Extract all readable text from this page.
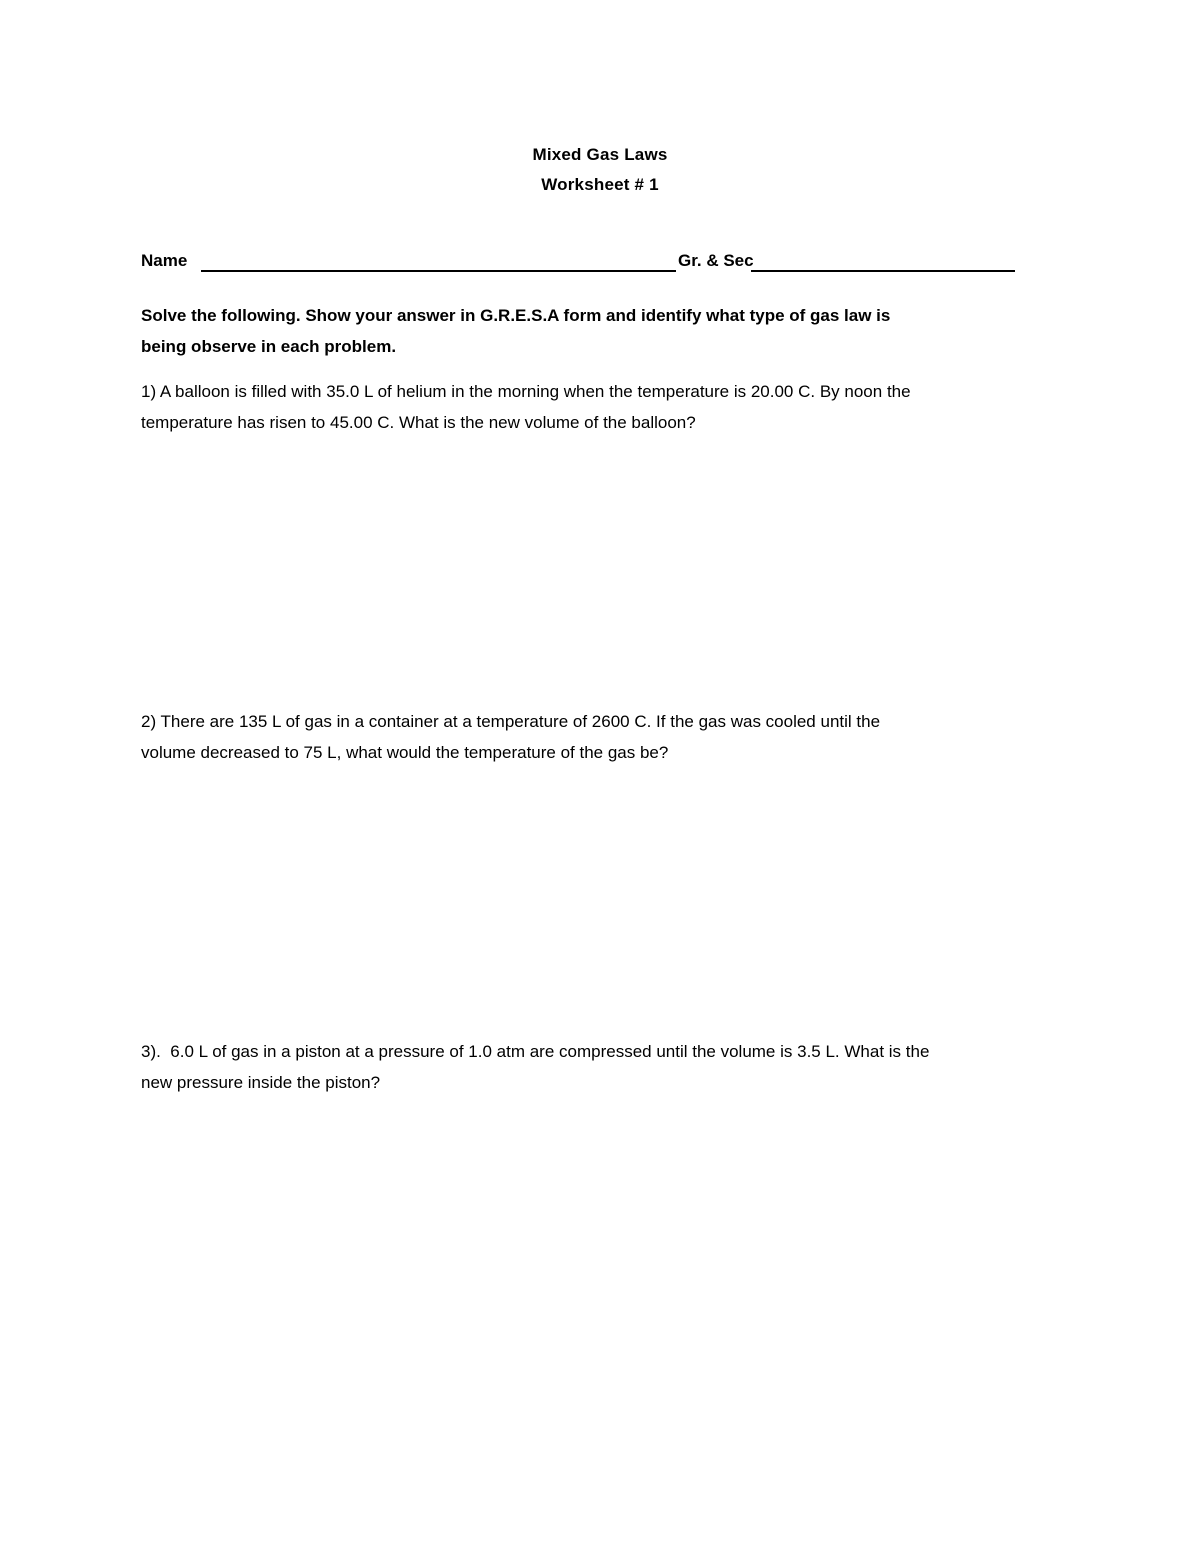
Mixed Gas Laws
Worksheet # 1
Name	Gr. & Sec
Solve the following. Show your answer in G.R.E.S.A form and identify what type of gas law is
being observe in each problem.
1) A balloon is filled with 35.0 L of helium in the morning when the temperature is 20.00 C. By noon the
temperature has risen to 45.00 C. What is the new volume of the balloon?
2) There are 135 L of gas in a container at a temperature of 2600 C. If the gas was cooled until the
volume decreased to 75 L, what would the temperature of the gas be?
3). 6.0 L of gas in a piston at a pressure of 1.0 atm are compressed until the volume is 3.5 L. What is the
new pressure inside the piston?
